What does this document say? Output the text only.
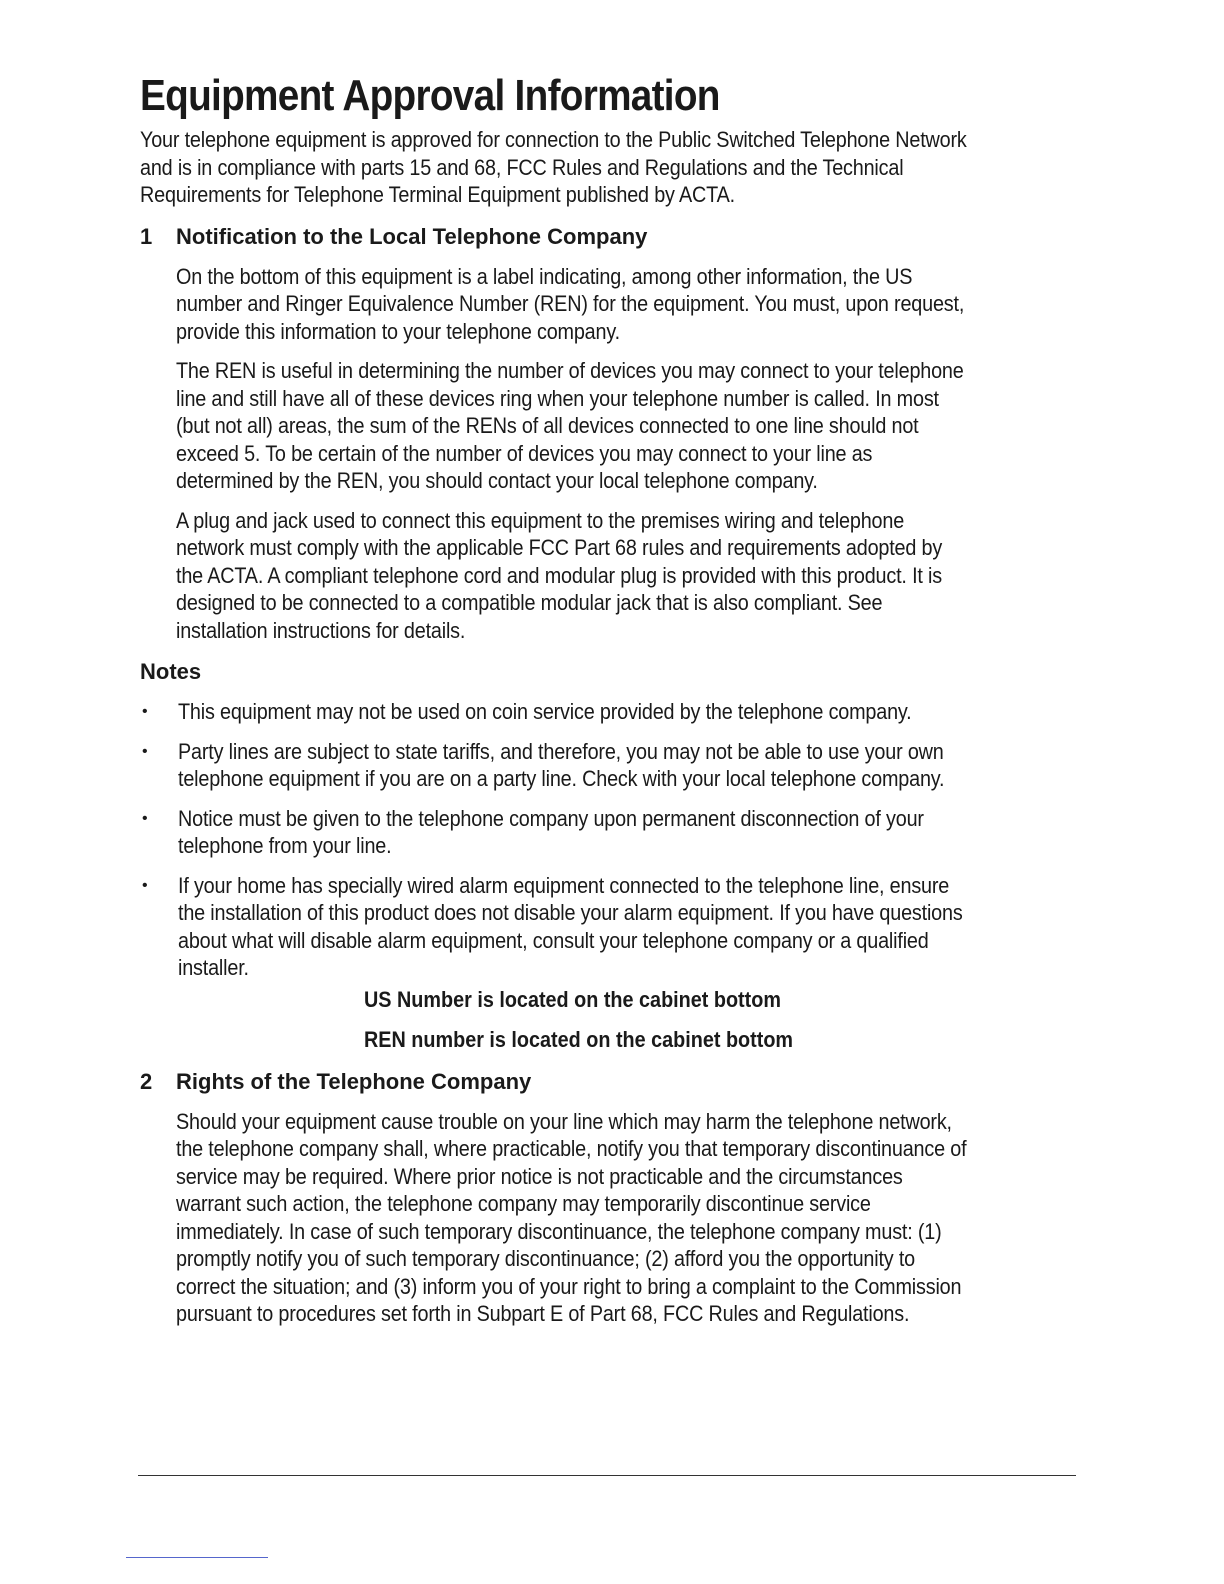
Equipment Approval Information
Your telephone equipment is approved for connection to the Public Switched Telephone Network and is in compliance with parts 15 and 68, FCC Rules and Regulations and the Technical Requirements for Telephone Terminal Equipment published by ACTA.
1	Notification to the Local Telephone Company
On the bottom of this equipment is a label indicating, among other information, the US number and Ringer Equivalence Number (REN) for the equipment. You must, upon request, provide this information to your telephone company.
The REN is useful in determining the number of devices you may connect to your telephone line and still have all of these devices ring when your telephone number is called. In most (but not all) areas, the sum of the RENs of all devices connected to one line should not exceed 5. To be certain of the number of devices you may connect to your line as determined by the REN, you should contact your local telephone company.
A plug and jack used to connect this equipment to the premises wiring and telephone network must comply with the applicable FCC Part 68 rules and requirements adopted by the ACTA. A compliant telephone cord and modular plug is provided with this product. It is designed to be connected to a compatible modular jack that is also compliant. See installation instructions for details.
Notes
•	This equipment may not be used on coin service provided by the telephone company.
•	Party lines are subject to state tariffs, and therefore, you may not be able to use your own telephone equipment if you are on a party line. Check with your local telephone company.
•	Notice must be given to the telephone company upon permanent disconnection of your telephone from your line.
•	If your home has specially wired alarm equipment connected to the telephone line, ensure the installation of this product does not disable your alarm equipment. If you have questions about what will disable alarm equipment, consult your telephone company or a qualified installer.
US Number is located on the cabinet bottom
REN number is located on the cabinet bottom
2	Rights of the Telephone Company
Should your equipment cause trouble on your line which may harm the telephone network, the telephone company shall, where practicable, notify you that temporary discontinuance of service may be required. Where prior notice is not practicable and the circumstances warrant such action, the telephone company may temporarily discontinue service immediately. In case of such temporary discontinuance, the telephone company must: (1) promptly notify you of such temporary discontinuance; (2) afford you the opportunity to correct the situation; and (3) inform you of your right to bring a complaint to the Commission pursuant to procedures set forth in Subpart E of Part 68, FCC Rules and Regulations.
